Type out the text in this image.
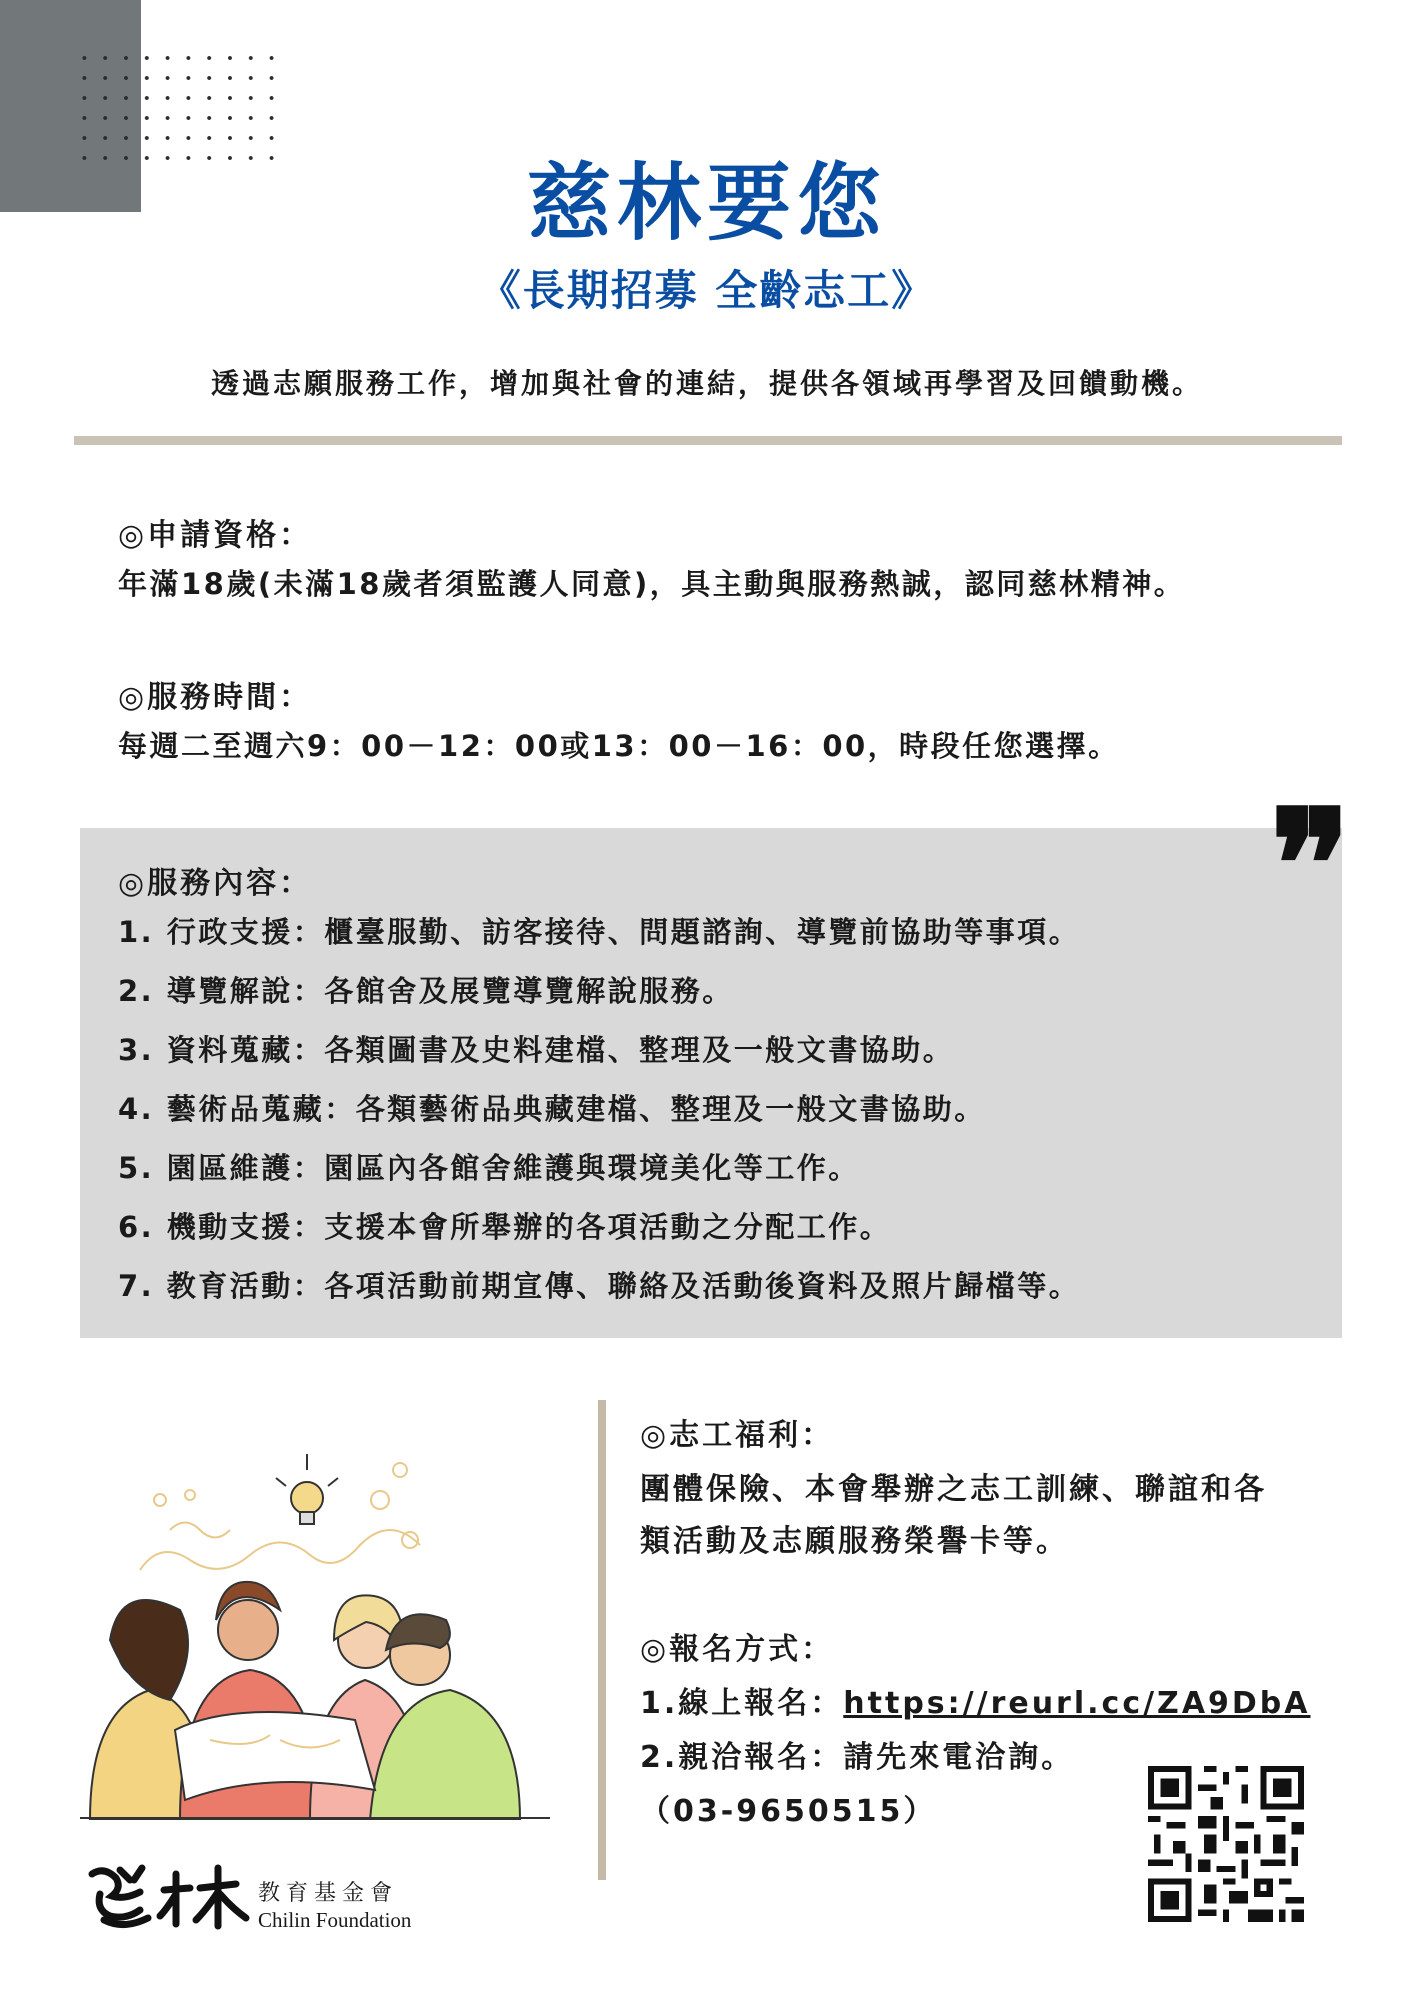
慈林要您
《長期招募 全齡志工》
透過志願服務工作，增加與社會的連結，提供各領域再學習及回饋動機。
◎申請資格：
年滿18歲(未滿18歲者須監護人同意)，具主動與服務熱誠，認同慈林精神。
◎服務時間：
每週二至週六9：00－12：00或13：00－16：00，時段任您選擇。
❞
◎服務內容：
1. 行政支援：櫃臺服勤、訪客接待、問題諮詢、導覽前協助等事項。
2. 導覽解說：各館舍及展覽導覽解說服務。
3. 資料蒐藏：各類圖書及史料建檔、整理及一般文書協助。
4. 藝術品蒐藏：各類藝術品典藏建檔、整理及一般文書協助。
5. 園區維護：園區內各館舍維護與環境美化等工作。
6. 機動支援：支援本會所舉辦的各項活動之分配工作。
7. 教育活動：各項活動前期宣傳、聯絡及活動後資料及照片歸檔等。
教育基金會
Chilin Foundation
◎志工福利：
團體保險、本會舉辦之志工訓練、聯誼和各
類活動及志願服務榮譽卡等。
◎報名方式：
1.線上報名：https://reurl.cc/ZA9DbA
2.親洽報名：請先來電洽詢。
（03-9650515）
